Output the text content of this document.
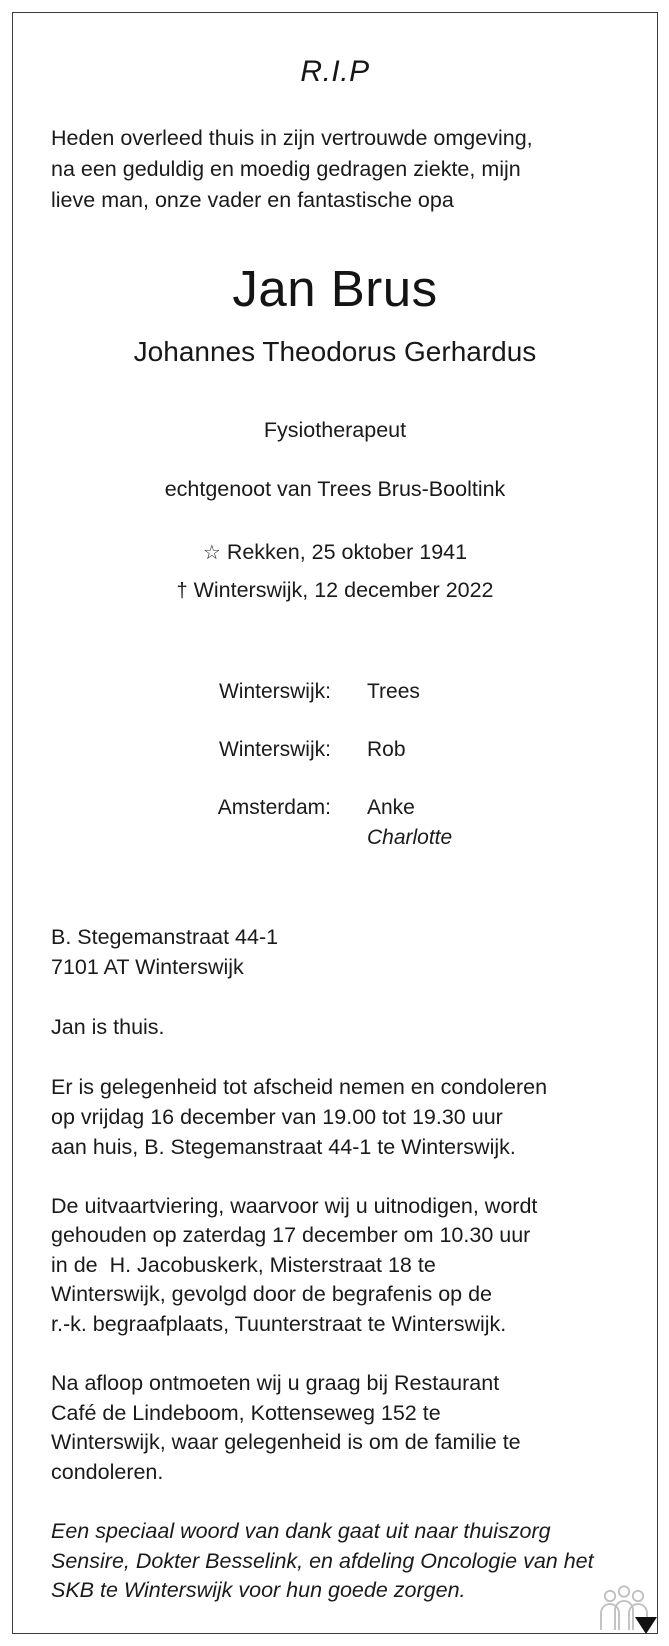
R.I.P
Heden overleed thuis in zijn vertrouwde omgeving,
na een geduldig en moedig gedragen ziekte, mijn
lieve man, onze vader en fantastische opa
Jan Brus
Johannes Theodorus Gerhardus
Fysiotherapeut
echtgenoot van Trees Brus-Booltink
☆ Rekken, 25 oktober 1941
† Winterswijk, 12 december 2022
Winterswijk:	Trees
Winterswijk:	Rob
Amsterdam:	Anke
Charlotte
B. Stegemanstraat 44-1
7101 AT Winterswijk
Jan is thuis.
Er is gelegenheid tot afscheid nemen en condoleren
op vrijdag 16 december van 19.00 tot 19.30 uur
aan huis, B. Stegemanstraat 44-1 te Winterswijk.
De uitvaartviering, waarvoor wij u uitnodigen, wordt
gehouden op zaterdag 17 december om 10.30 uur
in de  H. Jacobuskerk, Misterstraat 18 te
Winterswijk, gevolgd door de begrafenis op de
r.-k. begraafplaats, Tuunterstraat te Winterswijk.
Na afloop ontmoeten wij u graag bij Restaurant
Café de Lindeboom, Kottenseweg 152 te
Winterswijk, waar gelegenheid is om de familie te
condoleren.
Een speciaal woord van dank gaat uit naar thuiszorg
Sensire, Dokter Besselink, en afdeling Oncologie van het
SKB te Winterswijk voor hun goede zorgen.
